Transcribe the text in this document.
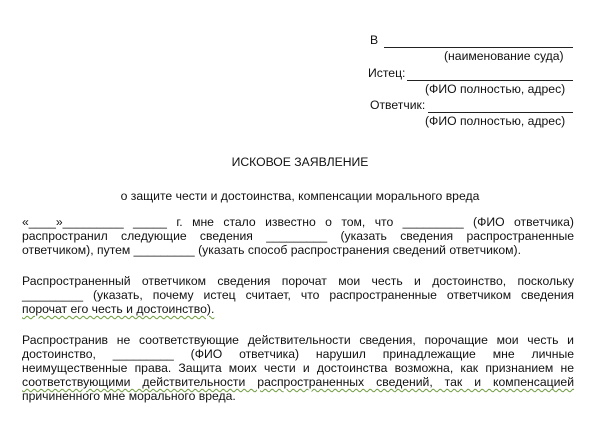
В
(наименование суда)
Истец:
(ФИО полностью, адрес)
Ответчик:
(ФИО полностью, адрес)
ИСКОВОЕ ЗАЯВЛЕНИЕ
о защите чести и достоинства, компенсации морального вреда
«____»_________ _____ г. мне стало известно о том, что _________ (ФИО ответчика)
распространил следующие сведения _________ (указать сведения распространенные
ответчиком), путем _________ (указать способ распространения сведений ответчиком).
Распространенный ответчиком сведения порочат мои честь и достоинство, поскольку
_________ (указать, почему истец считает, что распространенные ответчиком сведения
порочат его честь и достоинство).
Распространив не соответствующие действительности сведения, порочащие мои честь и
достоинство, _________ (ФИО ответчика) нарушил принадлежащие мне личные
неимущественные права. Защита моих чести и достоинства возможна, как признанием не
соответствующими действительности распространенных сведений, так и компенсацией
причиненного мне морального вреда.
